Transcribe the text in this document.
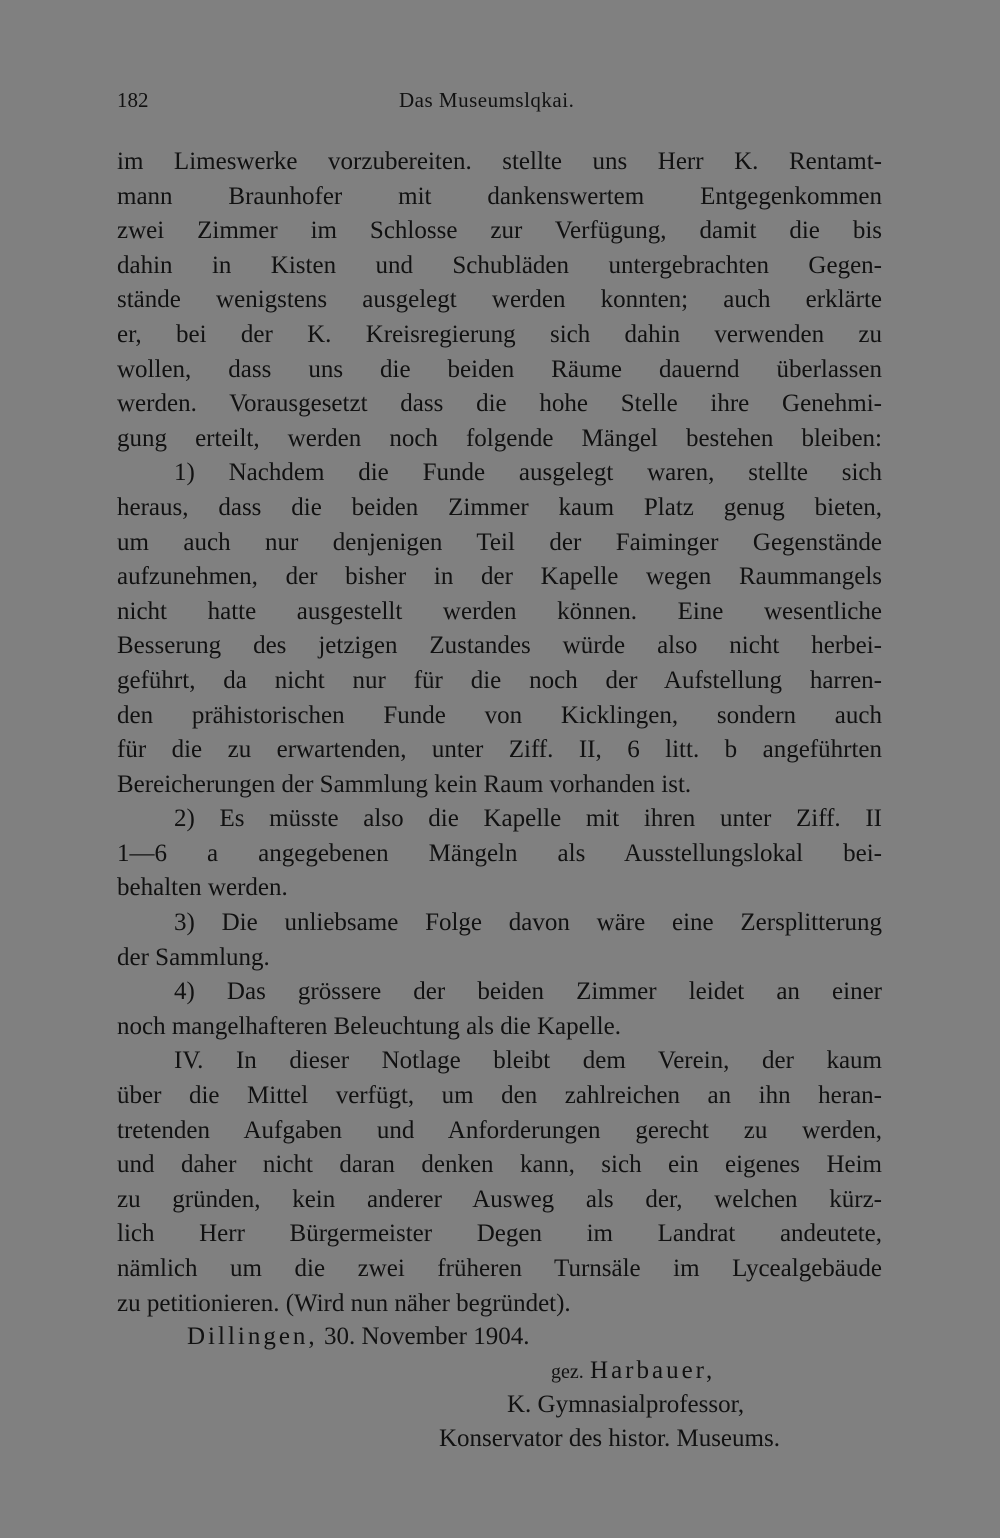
182	Das Museumslqkai.
im Limeswerke vorzubereiten. stellte uns Herr K. Rentamt-
mann Braunhofer mit dankenswertem Entgegenkommen
zwei Zimmer im Schlosse zur Verfügung, damit die bis
dahin in Kisten und Schubläden untergebrachten Gegen-
stände wenigstens ausgelegt werden konnten; auch erklärte
er, bei der K. Kreisregierung sich dahin verwenden zu
wollen, dass uns die beiden Räume dauernd überlassen
werden. Vorausgesetzt dass die hohe Stelle ihre Genehmi-
gung erteilt, werden noch folgende Mängel bestehen bleiben:
1) Nachdem die Funde ausgelegt waren, stellte sich
heraus, dass die beiden Zimmer kaum Platz genug bieten,
um auch nur denjenigen Teil der Faiminger Gegenstände
aufzunehmen, der bisher in der Kapelle wegen Raummangels
nicht hatte ausgestellt werden können. Eine wesentliche
Besserung des jetzigen Zustandes würde also nicht herbei-
geführt, da nicht nur für die noch der Aufstellung harren-
den prähistorischen Funde von Kicklingen, sondern auch
für die zu erwartenden, unter Ziff. II, 6 litt. b angeführten
Bereicherungen der Sammlung kein Raum vorhanden ist.
2) Es müsste also die Kapelle mit ihren unter Ziff. II
1—6 a angegebenen Mängeln als Ausstellungslokal bei-
behalten werden.
3) Die unliebsame Folge davon wäre eine Zersplitterung
der Sammlung.
4) Das grössere der beiden Zimmer leidet an einer
noch mangelhafteren Beleuchtung als die Kapelle.
IV. In dieser Notlage bleibt dem Verein, der kaum
über die Mittel verfügt, um den zahlreichen an ihn heran-
tretenden Aufgaben und Anforderungen gerecht zu werden,
und daher nicht daran denken kann, sich ein eigenes Heim
zu gründen, kein anderer Ausweg als der, welchen kürz-
lich Herr Bürgermeister Degen im Landrat andeutete,
nämlich um die zwei früheren Turnsäle im Lycealgebäude
zu petitionieren. (Wird nun näher begründet).
Dillingen, 30. November 1904.
gez. Harbauer,
K. Gymnasialprofessor,
Konservator des histor. Museums.
